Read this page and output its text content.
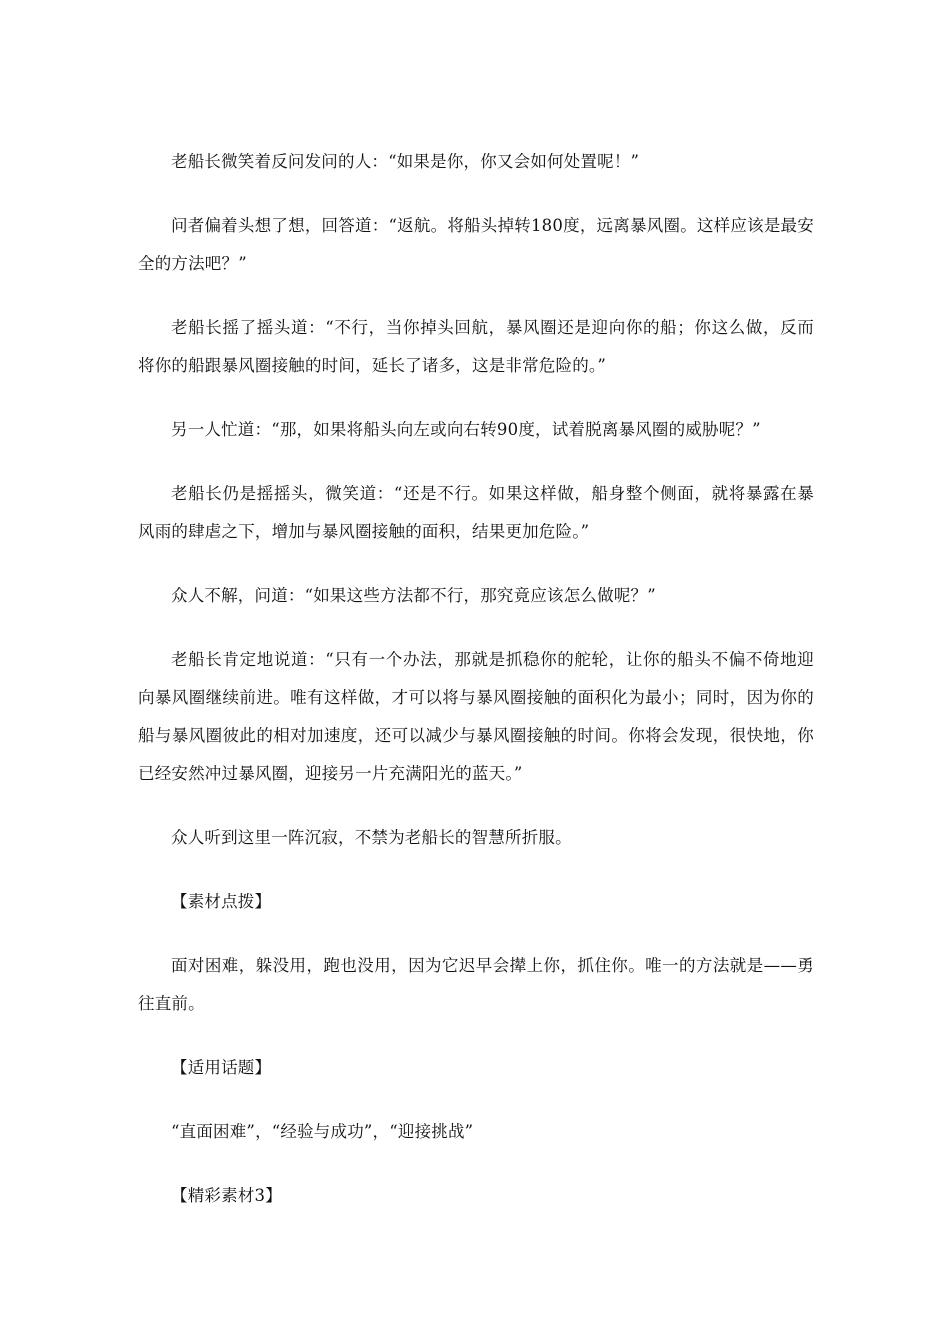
老船长微笑着反问发问的人：“如果是你，你又会如何处置呢！”

问者偏着头想了想，回答道：“返航。将船头掉转180度，远离暴风圈。这样应该是最安全的方法吧？”

老船长摇了摇头道：“不行，当你掉头回航，暴风圈还是迎向你的船；你这么做，反而将你的船跟暴风圈接触的时间，延长了诸多，这是非常危险的。”

另一人忙道：“那，如果将船头向左或向右转90度，试着脱离暴风圈的威胁呢？”

老船长仍是摇摇头，微笑道：“还是不行。如果这样做，船身整个侧面，就将暴露在暴风雨的肆虐之下，增加与暴风圈接触的面积，结果更加危险。”

众人不解，问道：“如果这些方法都不行，那究竟应该怎么做呢？”

老船长肯定地说道：“只有一个办法，那就是抓稳你的舵轮，让你的船头不偏不倚地迎向暴风圈继续前进。唯有这样做，才可以将与暴风圈接触的面积化为最小；同时，因为你的船与暴风圈彼此的相对加速度，还可以减少与暴风圈接触的时间。你将会发现，很快地，你已经安然冲过暴风圈，迎接另一片充满阳光的蓝天。”

众人听到这里一阵沉寂，不禁为老船长的智慧所折服。

【素材点拨】

面对困难，躲没用，跑也没用，因为它迟早会撵上你，抓住你。唯一的方法就是——勇往直前。

【适用话题】

“直面困难”，“经验与成功”，“迎接挑战”

【精彩素材3】
